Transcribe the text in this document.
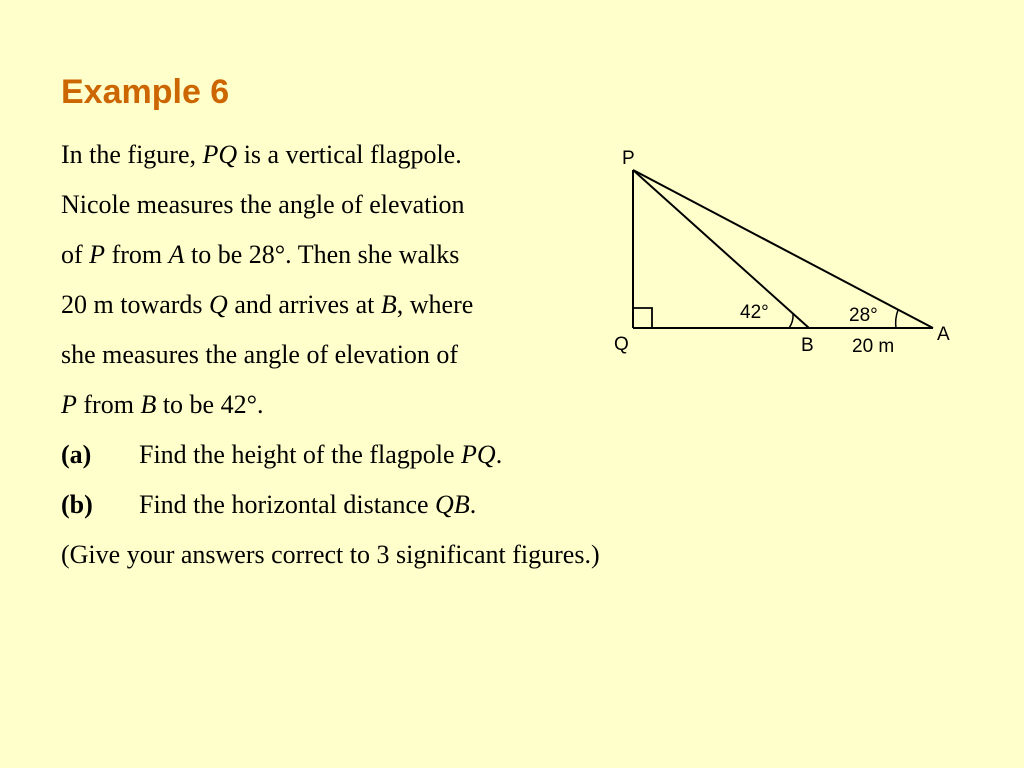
Example 6
In the figure, PQ is a vertical flagpole.
Nicole measures the angle of elevation
of P from A to be 28°. Then she walks
20 m towards Q and arrives at B, where
she measures the angle of elevation of
P from B to be 42°.
(a) Find the height of the flagpole PQ.
(b) Find the horizontal distance QB.
(Give your answers correct to 3 significant figures.)
P
Q	B
A
42°	28°
20 m
